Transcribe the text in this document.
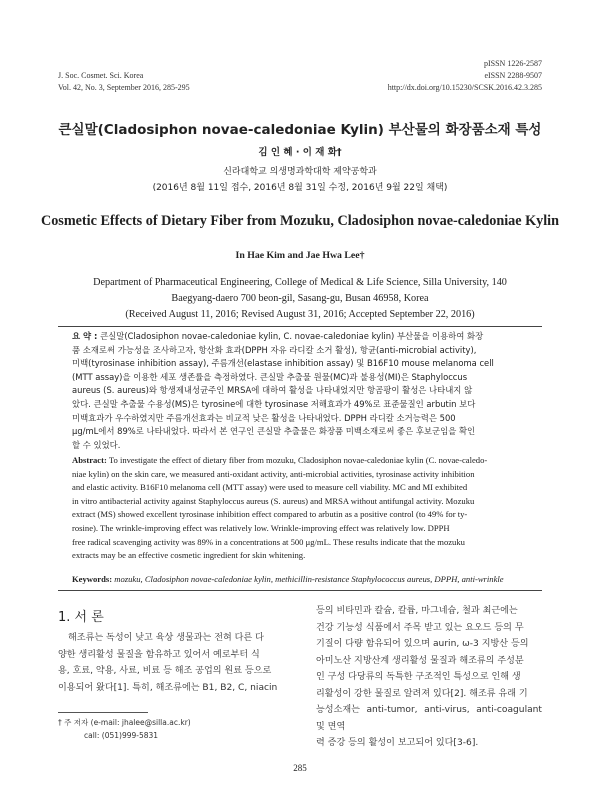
J. Soc. Cosmet. Sci. Korea
Vol. 42, No. 3, September 2016, 285-295
pISSN 1226-2587
eISSN 2288-9507
http://dx.doi.org/10.15230/SCSK.2016.42.3.285
큰실말(Cladosiphon novae-caledoniae Kylin) 부산물의 화장품소재 특성
김 인 혜 · 이 재 화†
신라대학교 의생명과학대학 제약공학과
(2016년 8월 11일 접수, 2016년 8월 31일 수정, 2016년 9월 22일 채택)
Cosmetic Effects of Dietary Fiber from Mozuku, Cladosiphon novae-caledoniae Kylin
In Hae Kim and Jae Hwa Lee†
Department of Pharmaceutical Engineering, College of Medical & Life Science, Silla University, 140
Baegyang-daero 700 beon-gil, Sasang-gu, Busan 46958, Korea
(Received August 11, 2016; Revised August 31, 2016; Accepted September 22, 2016)
요 약 : 큰실말(Cladosiphon novae-caledoniae kylin, C. novae-caledoniae kylin) 부산물을 이용하여 화장
품 소재로써 가능성을 조사하고자, 항산화 효과(DPPH 자유 라디칼 소거 활성), 항균(anti-microbial activity),
미백(tyrosinase inhibition assay), 주름개선(elastase inhibition assay) 및 B16F10 mouse melanoma cell
(MTT assay)을 이용한 세포 생존률을 측정하였다. 큰실말 추출물 원물(MC)과 불용성(MI)은 Staphyloccus
aureus (S. aureus)와 항생제내성균주인 MRSA에 대하여 활성을 나타내었지만 항곰팡이 활성은 나타내지 않
았다. 큰실말 추출물 수용성(MS)은 tyrosine에 대한 tyrosinase 저해효과가 49%로 표준물질인 arbutin 보다
미백효과가 우수하였지만 주름개선효과는 비교적 낮은 활성을 나타내었다. DPPH 라디칼 소거능력은 500
μg/mL에서 89%로 나타내었다. 따라서 본 연구인 큰실말 추출물은 화장품 미백소재로써 좋은 후보군임을 확인
할 수 있었다.
Abstract: To investigate the effect of dietary fiber from mozuku, Cladosiphon novae-caledoniae kylin (C. novae-caledo-
niae kylin) on the skin care, we measured anti-oxidant activity, anti-microbial activities, tyrosinase activity inhibition
and elastic activity. B16F10 melanoma cell (MTT assay) were used to measure cell viability. MC and MI exhibited
in vitro antibacterial activity against Staphyloccus aureus (S. aureus) and MRSA without antifungal activity. Mozuku
extract (MS) showed excellent tyrosinase inhibition effect compared to arbutin as a positive control (to 49% for ty-
rosine). The wrinkle-improving effect was relatively low. Wrinkle-improving effect was relatively low. DPPH
free radical scavenging activity was 89% in a concentrations at 500 μg/mL. These results indicate that the mozuku
extracts may be an effective cosmetic ingredient for skin whitening.
Keywords: mozuku, Cladosiphon novae-caledoniae kylin, methicillin-resistance Staphylococcus aureus, DPPH, anti-wrinkle
1. 서 론
해조류는 독성이 낮고 육상 생물과는 전혀 다른 다
양한 생리활성 물질을 함유하고 있어서 예로부터 식
용, 호료, 약용, 사료, 비료 등 해조 공업의 원료 등으로
이용되어 왔다[1]. 특히, 해조류에는 B1, B2, C, niacin
† 주 저자 (e-mail: jhalee@silla.ac.kr)
call: (051)999-5831
등의 비타민과 칼슘, 칼륨, 마그네슘, 철과 최근에는
건강 기능성 식품에서 주목 받고 있는 요오드 등의 무
기질이 다량 함유되어 있으며 aurin, ω-3 지방산 등의
아미노산 지방산계 생리활성 물질과 해조류의 주성분
인 구성 다당류의 독특한 구조적인 특성으로 인해 생
리활성이 강한 물질로 알려져 있다[2]. 해조류 유래 기
능성소재는 anti-tumor, anti-virus, anti-coagulant 및 면역
력 증강 등의 활성이 보고되어 있다[3-6].
285
